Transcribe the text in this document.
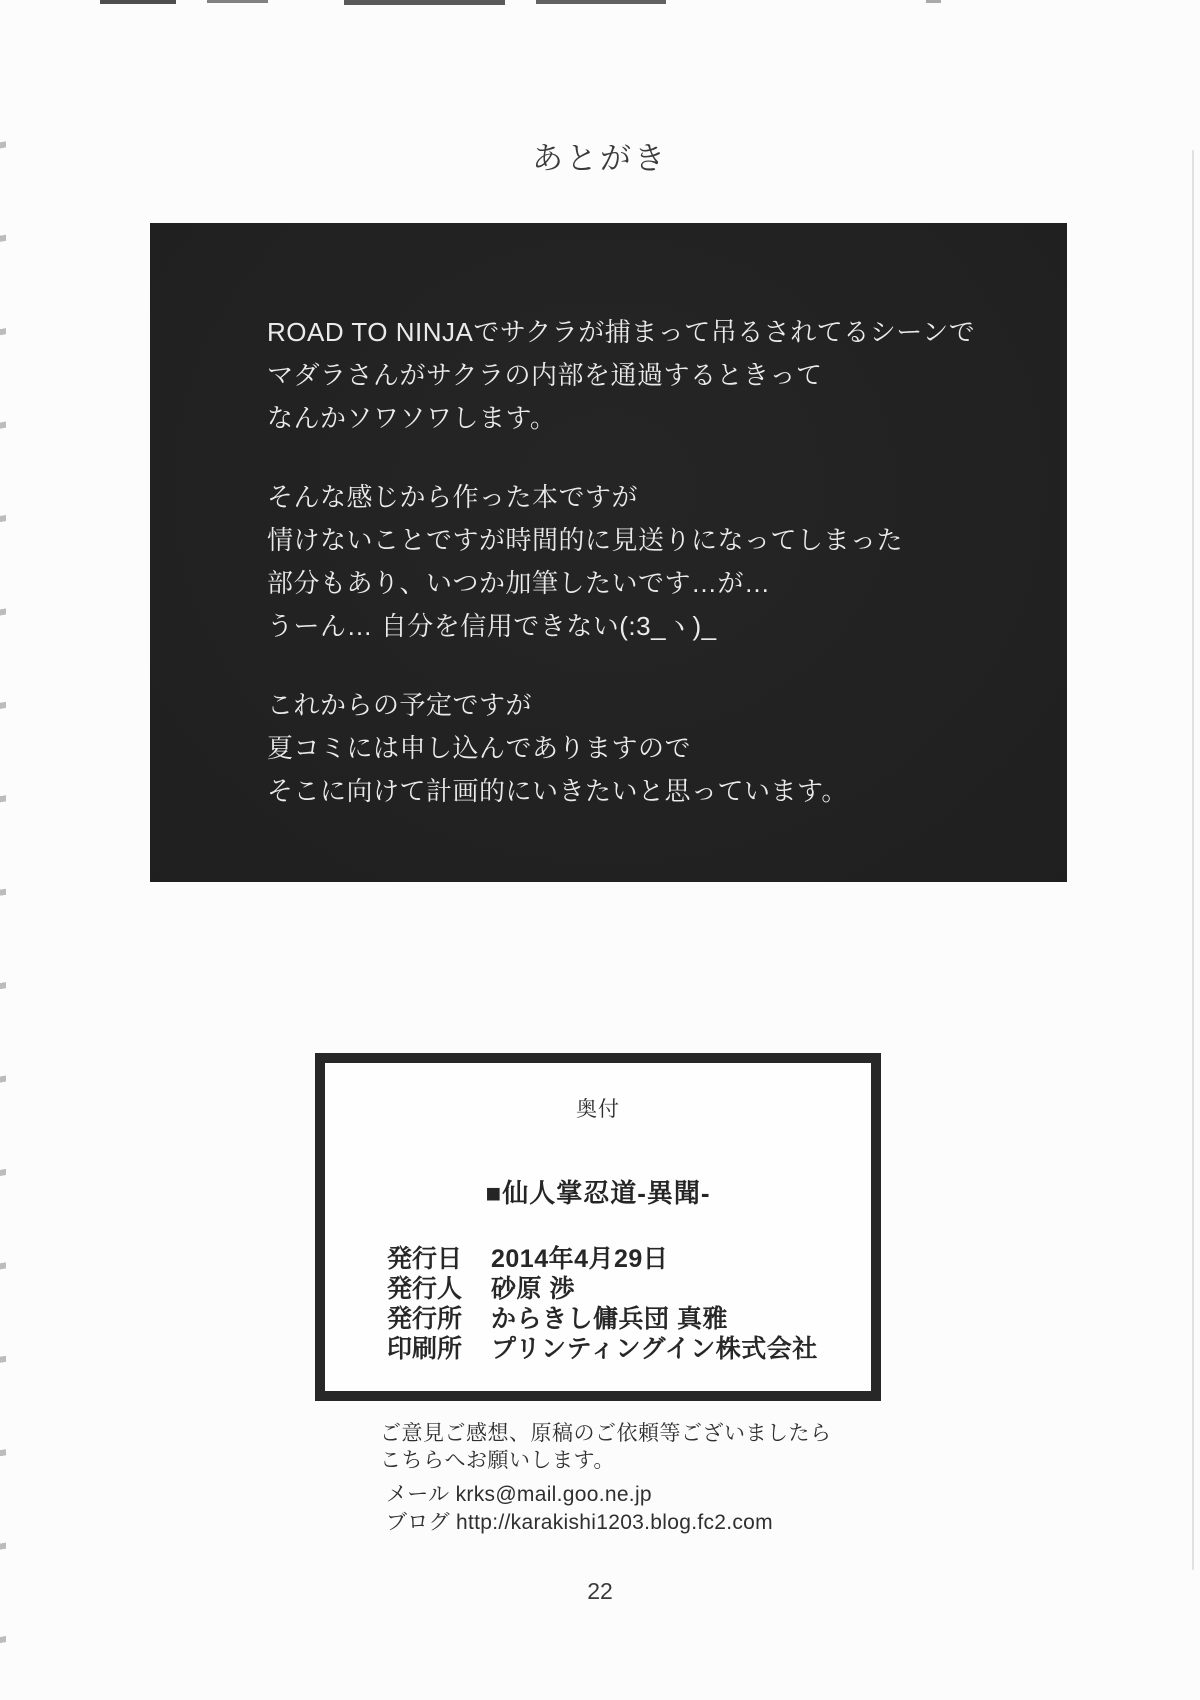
あとがき
ROAD TO NINJAでサクラが捕まって吊るされてるシーンで
マダラさんがサクラの内部を通過するときって
なんかソワソワします。
そんな感じから作った本ですが
情けないことですが時間的に見送りになってしまった
部分もあり、いつか加筆したいです…が…
うーん… 自分を信用できない(:3_ヽ)_
これからの予定ですが
夏コミには申し込んでありますので
そこに向けて計画的にいきたいと思っています。
奥付
■仙人掌忍道-異聞-
発行日 2014年4月29日
発行人 砂原 渉
発行所 からきし傭兵団 真雅
印刷所 プリンティングイン株式会社
ご意見ご感想、原稿のご依頼等ございましたら
こちらへお願いします。
メール krks@mail.goo.ne.jp
ブログ http://karakishi1203.blog.fc2.com
22
